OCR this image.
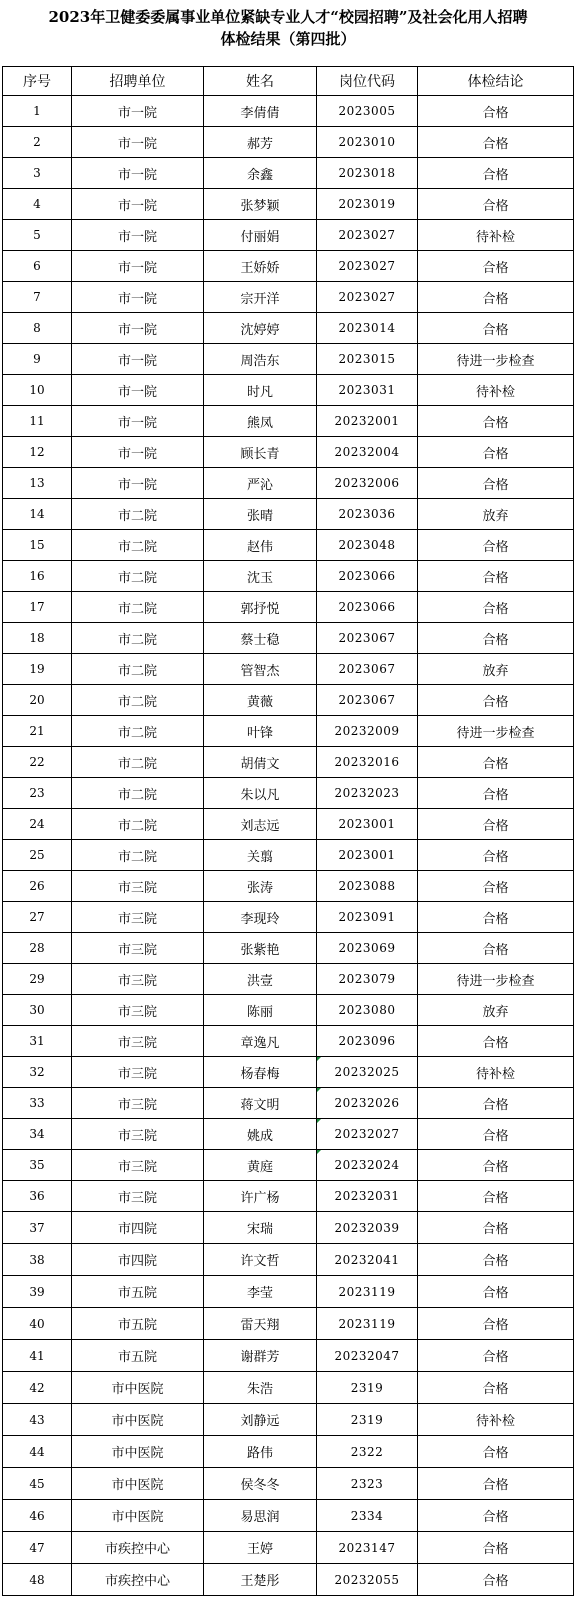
2023年卫健委委属事业单位紧缺专业人才“校园招聘”及社会化用人招聘
体检结果（第四批）
序号	招聘单位	姓名	岗位代码	体检结论
1	市一院	李倩倩	2023005	合格
2	市一院	郝芳	2023010	合格
3	市一院	余鑫	2023018	合格
4	市一院	张梦颖	2023019	合格
5	市一院	付丽娟	2023027	待补检
6	市一院	王娇娇	2023027	合格
7	市一院	宗开洋	2023027	合格
8	市一院	沈婷婷	2023014	合格
9	市一院	周浩东	2023015	待进一步检查
10	市一院	时凡	2023031	待补检
11	市一院	熊凤	20232001	合格
12	市一院	顾长青	20232004	合格
13	市一院	严沁	20232006	合格
14	市二院	张晴	2023036	放弃
15	市二院	赵伟	2023048	合格
16	市二院	沈玉	2023066	合格
17	市二院	郭抒悦	2023066	合格
18	市二院	蔡士稳	2023067	合格
19	市二院	管智杰	2023067	放弃
20	市二院	黄薇	2023067	合格
21	市二院	叶锋	20232009	待进一步检查
22	市二院	胡倩文	20232016	合格
23	市二院	朱以凡	20232023	合格
24	市二院	刘志远	2023001	合格
25	市二院	关翦	2023001	合格
26	市三院	张涛	2023088	合格
27	市三院	李现玲	2023091	合格
28	市三院	张紫艳	2023069	合格
29	市三院	洪壹	2023079	待进一步检查
30	市三院	陈丽	2023080	放弃
31	市三院	章逸凡	2023096	合格
32	市三院	杨春梅	20232025	待补检
33	市三院	蒋文明	20232026	合格
34	市三院	姚成	20232027	合格
35	市三院	黄庭	20232024	合格
36	市三院	许广杨	20232031	合格
37	市四院	宋瑞	20232039	合格
38	市四院	许文哲	20232041	合格
39	市五院	李莹	2023119	合格
40	市五院	雷天翔	2023119	合格
41	市五院	谢群芳	20232047	合格
42	市中医院	朱浩	2319	合格
43	市中医院	刘静远	2319	待补检
44	市中医院	路伟	2322	合格
45	市中医院	侯冬冬	2323	合格
46	市中医院	易思润	2334	合格
47	市疾控中心	王婷	2023147	合格
48	市疾控中心	王楚彤	20232055	合格
